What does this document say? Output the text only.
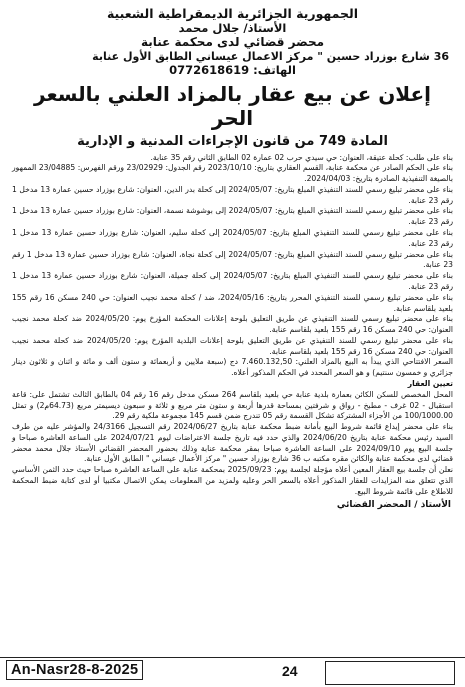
الجمهورية الجزائرية الديمقراطية الشعبية
الأستاذ/ جلال محمد
محضر قضائي لدى محكمة عنابة
36 شارع بوزراد حسين " مركز الاعمال عيساني الطابق الأول عنابة
الهاتف: 0772618619
إعلان عن بيع عقار بالمزاد العلني بالسعر الحر
المادة 749 من قانون الإجراءات المدنية و الإدارية

بناء على طلب: كحلة عتيقة، العنوان: حي سيدي حرب 02 عمارة 02 الطابق الثاني رقم 35 عنابة.

بناء على الحكم الصادر عن محكمة عنابة، القسم العقاري بتاريخ: 2023/10/10 رقم الجدول: 23/02929 ورقم الفهرس: 23/04885 الممهور بالصيغة التنفيذية الصادرة بتاريخ: 2024/04/03.

بناء على محضر تبليغ رسمي للسند التنفيذي المبلغ بتاريخ: 2024/05/07 إلى كحلة بدر الدين، العنوان: شارع بوزراد حسين عمارة 13 مدخل 1 رقم 23 عنابة.

بناء على محضر تبليغ رسمي للسند التنفيذي المبلغ بتاريخ: 2024/05/07 إلى بوشوشة نسمة، العنوان: شارع بوزراد حسين عمارة 13 مدخل 1 رقم 23 عنابة.

بناء على محضر تبليغ رسمي للسند التنفيذي المبلغ بتاريخ: 2024/05/07 إلى كحلة سليم، العنوان: شارع بوزراد حسين عمارة 13 مدخل 1 رقم 23 عنابة.

بناء على محضر تبليغ رسمي للسند التنفيذي المبلغ بتاريخ: 2024/05/07 إلى كحلة نجاة، العنوان: شارع بوزراد حسين عمارة 13 مدخل 1 رقم 23 عنابة.

بناء على محضر تبليغ رسمي للسند التنفيذي المبلغ بتاريخ: 2024/05/07 إلى كحلة جميلة، العنوان: شارع بوزراد حسين عمارة 13 مدخل 1 رقم 23 عنابة.

بناء على محضر تبليغ رسمي للسند التنفيذي المحرر بتاريخ: 2024/05/16، ضد / كحلة محمد نجيب العنوان: حي 240 مسكن 16 رقم 155 بلعيد بلقاسم عنابة.

بناء على محضر تبليغ رسمي للسند التنفيذي عن طريق التعليق بلوحة إعلانات المحكمة المؤرخ يوم: 2024/05/20 ضد كحلة محمد نجيب العنوان: حي 240 مسكن 16 رقم 155 بلعيد بلقاسم عنابة.

بناء على محضر تبليغ رسمي للسند التنفيذي عن طريق التعليق بلوحة إعلانات البلدية المؤرخ يوم: 2024/05/20 ضد كحلة محمد نجيب العنوان: حي 240 مسكن 16 رقم 155 بلعيد بلقاسم عنابة.

السعر الافتتاحي الذي يبدأ به البيع بالمزاد العلني: 7.460.132,50 دج (سبعة ملايين و أربعمائة و ستون ألف و مائة و اثنان و ثلاثون دينار جزائري و خمسون سنتيم) و هو السعر المحدد في الحكم المذكور أعلاه.

تعيين العقار

المحل المخصص للسكن الكائن بعمارة بلدية عنابة حي بلعيد بلقاسم 264 مسكن مدخل رقم 16 رقم 04 بالطابق الثالث تشتمل على: قاعة استقبال - 02 غرف - مطبخ - رواق و شرفتين بمساحة قدرها أربعة و ستون متر مربع و ثلاثة و سبعون ديسيمتر مربع (64.73م2) و تمثل 100/1000.00 من الأجزاء المشتركة تشكل القسمة رقم 05 تندرج ضمن قسم 145 مجموعة ملكية رقم 29.

بناء على محضر إيداع قائمة شروط البيع بأمانة ضبط محكمة عنابة بتاريخ 2024/06/27 رقم التسجيل 24/3166 والمؤشر عليه من طرف السيد رئيس محكمة عنابة بتاريخ 2024/06/20 والذي حدد فيه تاريخ جلسة الاعتراضات ليوم 2024/07/21 على الساعة العاشرة صباحا و جلسة البيع يوم 2024/09/10 على الساعة العاشرة صباحا بمقر محكمة عنابة وذلك بحضور المحضر القضائي الأستاذ جلال محمد محضر قضائي لدى محكمة عنابة والكائن مقره مكتبه ب 36 شارع بوزراد حسين " مركز الأعمال عيساني " الطابق الأول عنابة.

نعلن أن جلسة بيع العقار المعين أعلاه مؤجلة لجلسة يوم: 2025/09/23 بمحكمة عنابة على الساعة العاشرة صباحا حيث حدد الثمن الأساسي الذي تتعلق منه المزايدات للعقار المذكور أعلاه بالسعر الحر وعليه ولمزيد من المعلومات يمكن الاتصال مكتبيا أو لدى كتابة ضبط المحكمة للاطلاع على قائمة شروط البيع.

الأستاذ / المحضر القضائي
An-Nasr28-8-2025	24
